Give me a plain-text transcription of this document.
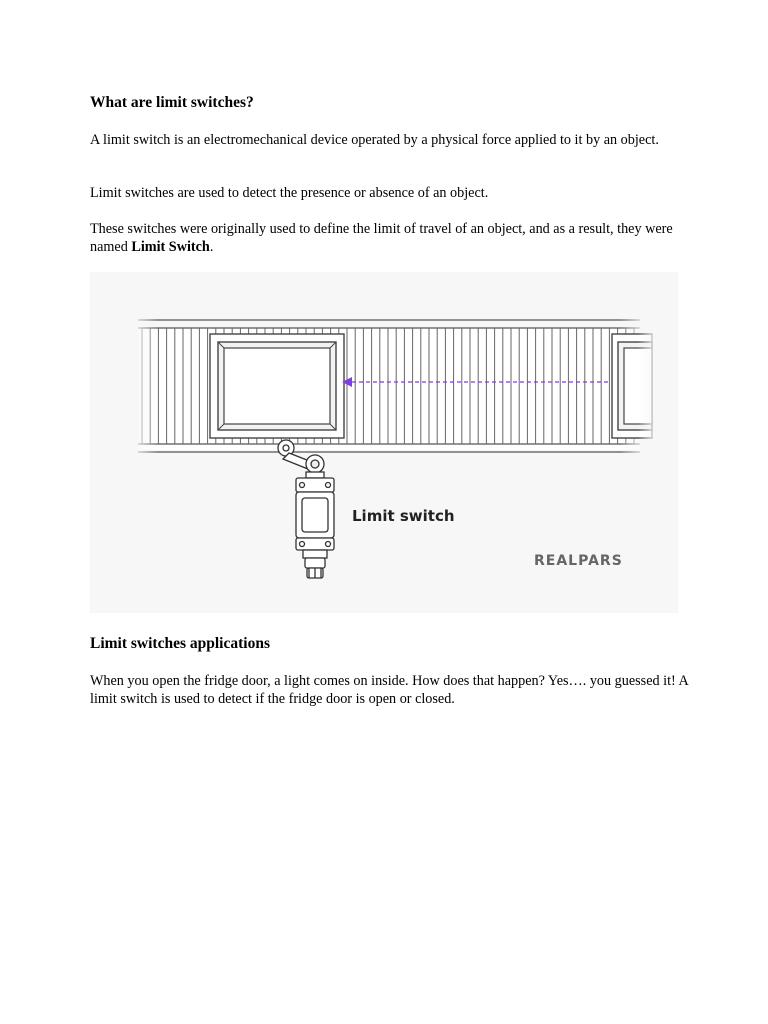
What are limit switches?

A limit switch is an electromechanical device operated by a physical force applied to it by an object.

Limit switches are used to detect the presence or absence of an object.

These switches were originally used to define the limit of travel of an object, and as a result, they were named Limit Switch.

Limit switch
REALPARS
Limit switches applications

When you open the fridge door, a light comes on inside. How does that happen? Yes…. you guessed it! A limit switch is used to detect if the fridge door is open or closed.
